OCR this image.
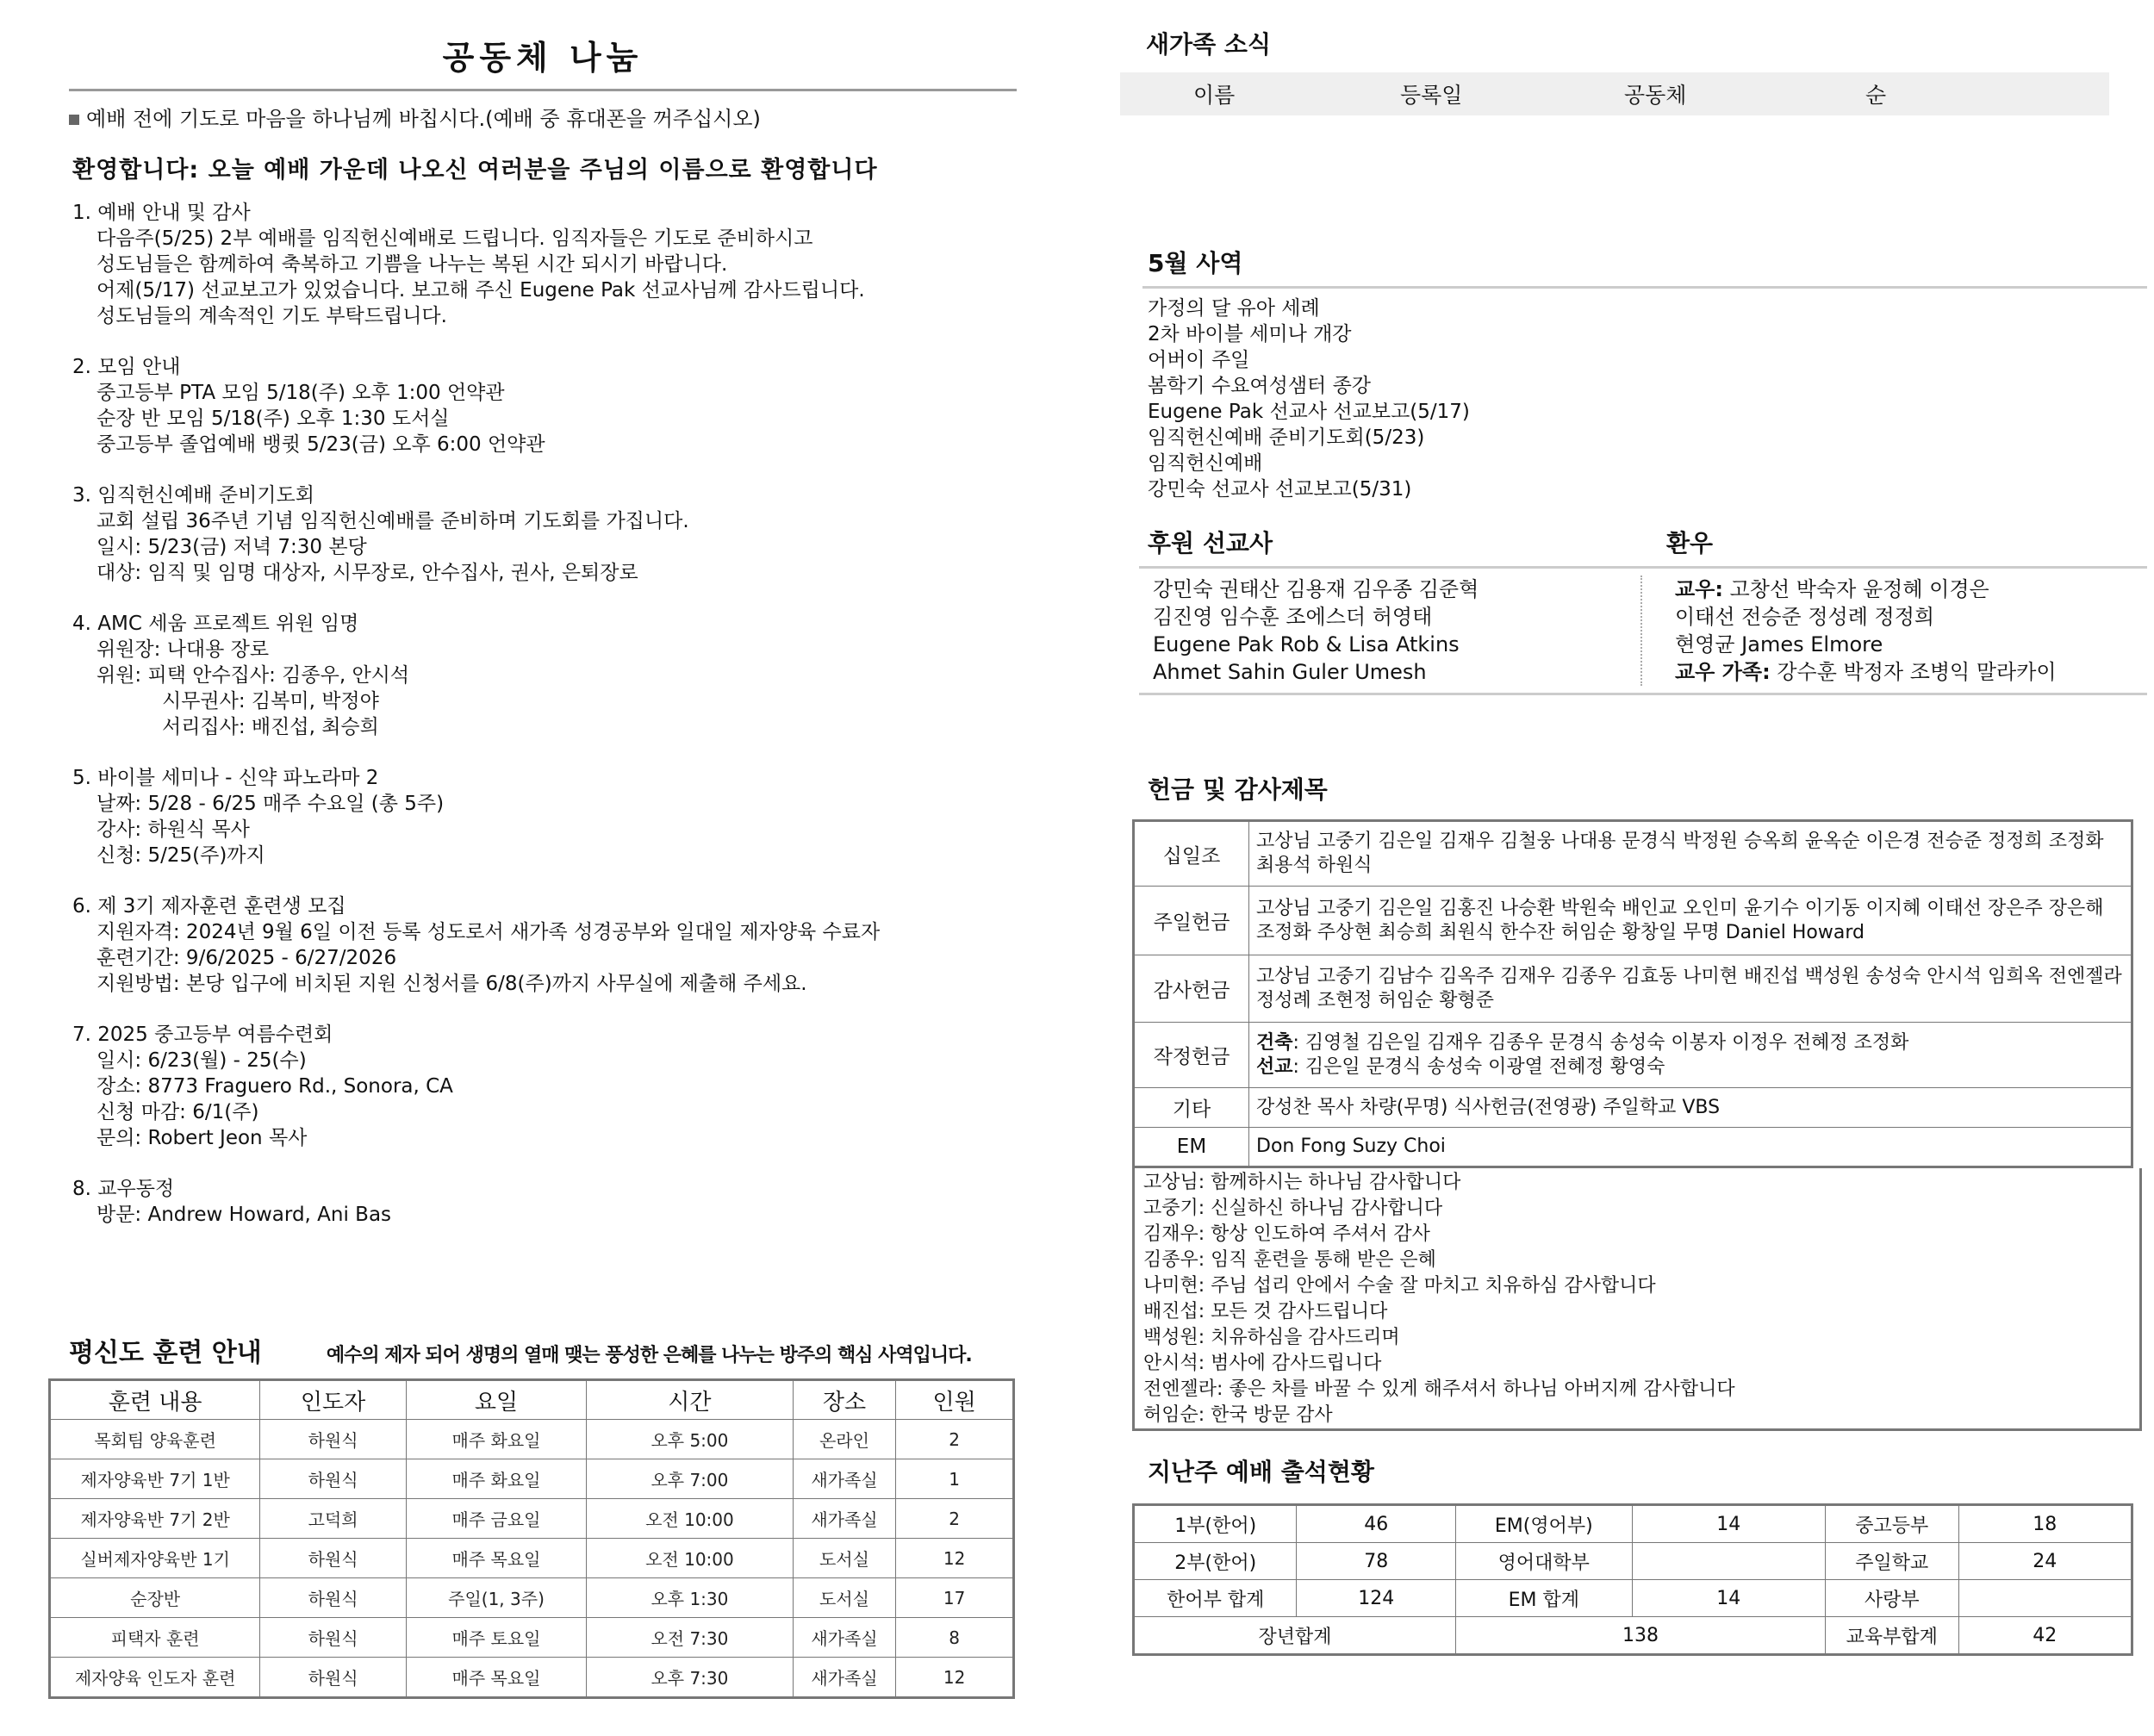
공동체 나눔
예배 전에 기도로 마음을 하나님께 바칩시다.(예배 중 휴대폰을 꺼주십시오)
환영합니다: 오늘 예배 가운데 나오신 여러분을 주님의 이름으로 환영합니다
1. 예배 안내 및 감사
다음주(5/25) 2부 예배를 임직헌신예배로 드립니다. 임직자들은 기도로 준비하시고
성도님들은 함께하여 축복하고 기쁨을 나누는 복된 시간 되시기 바랍니다.
어제(5/17) 선교보고가 있었습니다. 보고해 주신 Eugene Pak 선교사님께 감사드립니다.
성도님들의 계속적인 기도 부탁드립니다.
2. 모임 안내
중고등부 PTA 모임 5/18(주) 오후 1:00 언약관
순장 반 모임 5/18(주) 오후 1:30 도서실
중고등부 졸업예배 뱅큇 5/23(금) 오후 6:00 언약관
3. 임직헌신예배 준비기도회
교회 설립 36주년 기념 임직헌신예배를 준비하며 기도회를 가집니다.
일시: 5/23(금) 저녁 7:30 본당
대상: 임직 및 임명 대상자, 시무장로, 안수집사, 권사, 은퇴장로
4. AMC 세움 프로젝트 위원 임명
위원장: 나대용 장로
위원: 피택 안수집사: 김종우, 안시석
시무권사: 김복미, 박정야
서리집사: 배진섭, 최승희
5. 바이블 세미나 - 신약 파노라마 2
날짜: 5/28 - 6/25 매주 수요일 (총 5주)
강사: 하원식 목사
신청: 5/25(주)까지
6. 제 3기 제자훈련 훈련생 모집
지원자격: 2024년 9월 6일 이전 등록 성도로서 새가족 성경공부와 일대일 제자양육 수료자
훈련기간: 9/6/2025 - 6/27/2026
지원방법: 본당 입구에 비치된 지원 신청서를 6/8(주)까지 사무실에 제출해 주세요.
7. 2025 중고등부 여름수련회
일시: 6/23(월) - 25(수)
장소: 8773 Fraguero Rd., Sonora, CA
신청 마감: 6/1(주)
문의: Robert Jeon 목사
8. 교우동정
방문: Andrew Howard, Ani Bas
평신도 훈련 안내	예수의 제자 되어 생명의 열매 맺는 풍성한 은혜를 나누는 방주의 핵심 사역입니다.
훈련 내용	인도자	요일	시간	장소	인원
목회팀 양육훈련	하원식	매주 화요일	오후 5:00	온라인	2
제자양육반 7기 1반	하원식	매주 화요일	오후 7:00	새가족실	1
제자양육반 7기 2반	고덕희	매주 금요일	오전 10:00	새가족실	2
실버제자양육반 1기	하원식	매주 목요일	오전 10:00	도서실	12
순장반	하원식	주일(1, 3주)	오후 1:30	도서실	17
피택자 훈련	하원식	매주 토요일	오전 7:30	새가족실	8
제자양육 인도자 훈련	하원식	매주 목요일	오후 7:30	새가족실	12
새가족 소식
이름	등록일	공동체	순
5월 사역
가정의 달 유아 세례
2차 바이블 세미나 개강
어버이 주일
봄학기 수요여성샘터 종강
Eugene Pak 선교사 선교보고(5/17)
임직헌신예배 준비기도회(5/23)
임직헌신예배
강민숙 선교사 선교보고(5/31)
후원 선교사	환우
강민숙 권태산 김용재 김우종 김준혁
김진영 임수훈 조에스더 허영태
Eugene Pak Rob & Lisa Atkins
Ahmet Sahin Guler Umesh
교우: 고창선 박숙자 윤정혜 이경은
이태선 전승준 정성례 정정희
현영균 James Elmore
교우 가족: 강수훈 박정자 조병익 말라카이
헌금 및 감사제목
십일조	고상님 고중기 김은일 김재우 김철웅 나대용 문경식 박정원 승옥희 윤옥순 이은경 전승준 정정희 조정화 최용석 하원식
주일헌금	고상님 고중기 김은일 김홍진 나승환 박원숙 배인교 오인미 윤기수 이기동 이지혜 이태선 장은주 장은해 조정화 주상현 최승희 최원식 한수잔 허임순 황창일 무명 Daniel Howard
감사헌금	고상님 고중기 김남수 김옥주 김재우 김종우 김효동 나미현 배진섭 백성원 송성숙 안시석 임희옥 전엔젤라 정성례 조현정 허임순 황형준
작정헌금	건축: 김영철 김은일 김재우 김종우 문경식 송성숙 이봉자 이정우 전혜정 조정화
선교: 김은일 문경식 송성숙 이광열 전혜정 황영숙

기타	강성찬 목사 차량(무명) 식사헌금(전영광) 주일학교 VBS
EM	Don Fong Suzy Choi
고상님: 함께하시는 하나님 감사합니다
고중기: 신실하신 하나님 감사합니다
김재우: 항상 인도하여 주셔서 감사
김종우: 임직 훈련을 통해 받은 은혜
나미현: 주님 섭리 안에서 수술 잘 마치고 치유하심 감사합니다
배진섭: 모든 것 감사드립니다
백성원: 치유하심을 감사드리며
안시석: 범사에 감사드립니다
전엔젤라: 좋은 차를 바꿀 수 있게 해주셔서 하나님 아버지께 감사합니다
허임순: 한국 방문 감사
지난주 예배 출석현황
1부(한어)	46	EM(영어부)	14	중고등부	18
2부(한어)	78	영어대학부		주일학교	24
한어부 합계	124	EM 합계	14	사랑부	
장년합계		138		교육부합계	42
